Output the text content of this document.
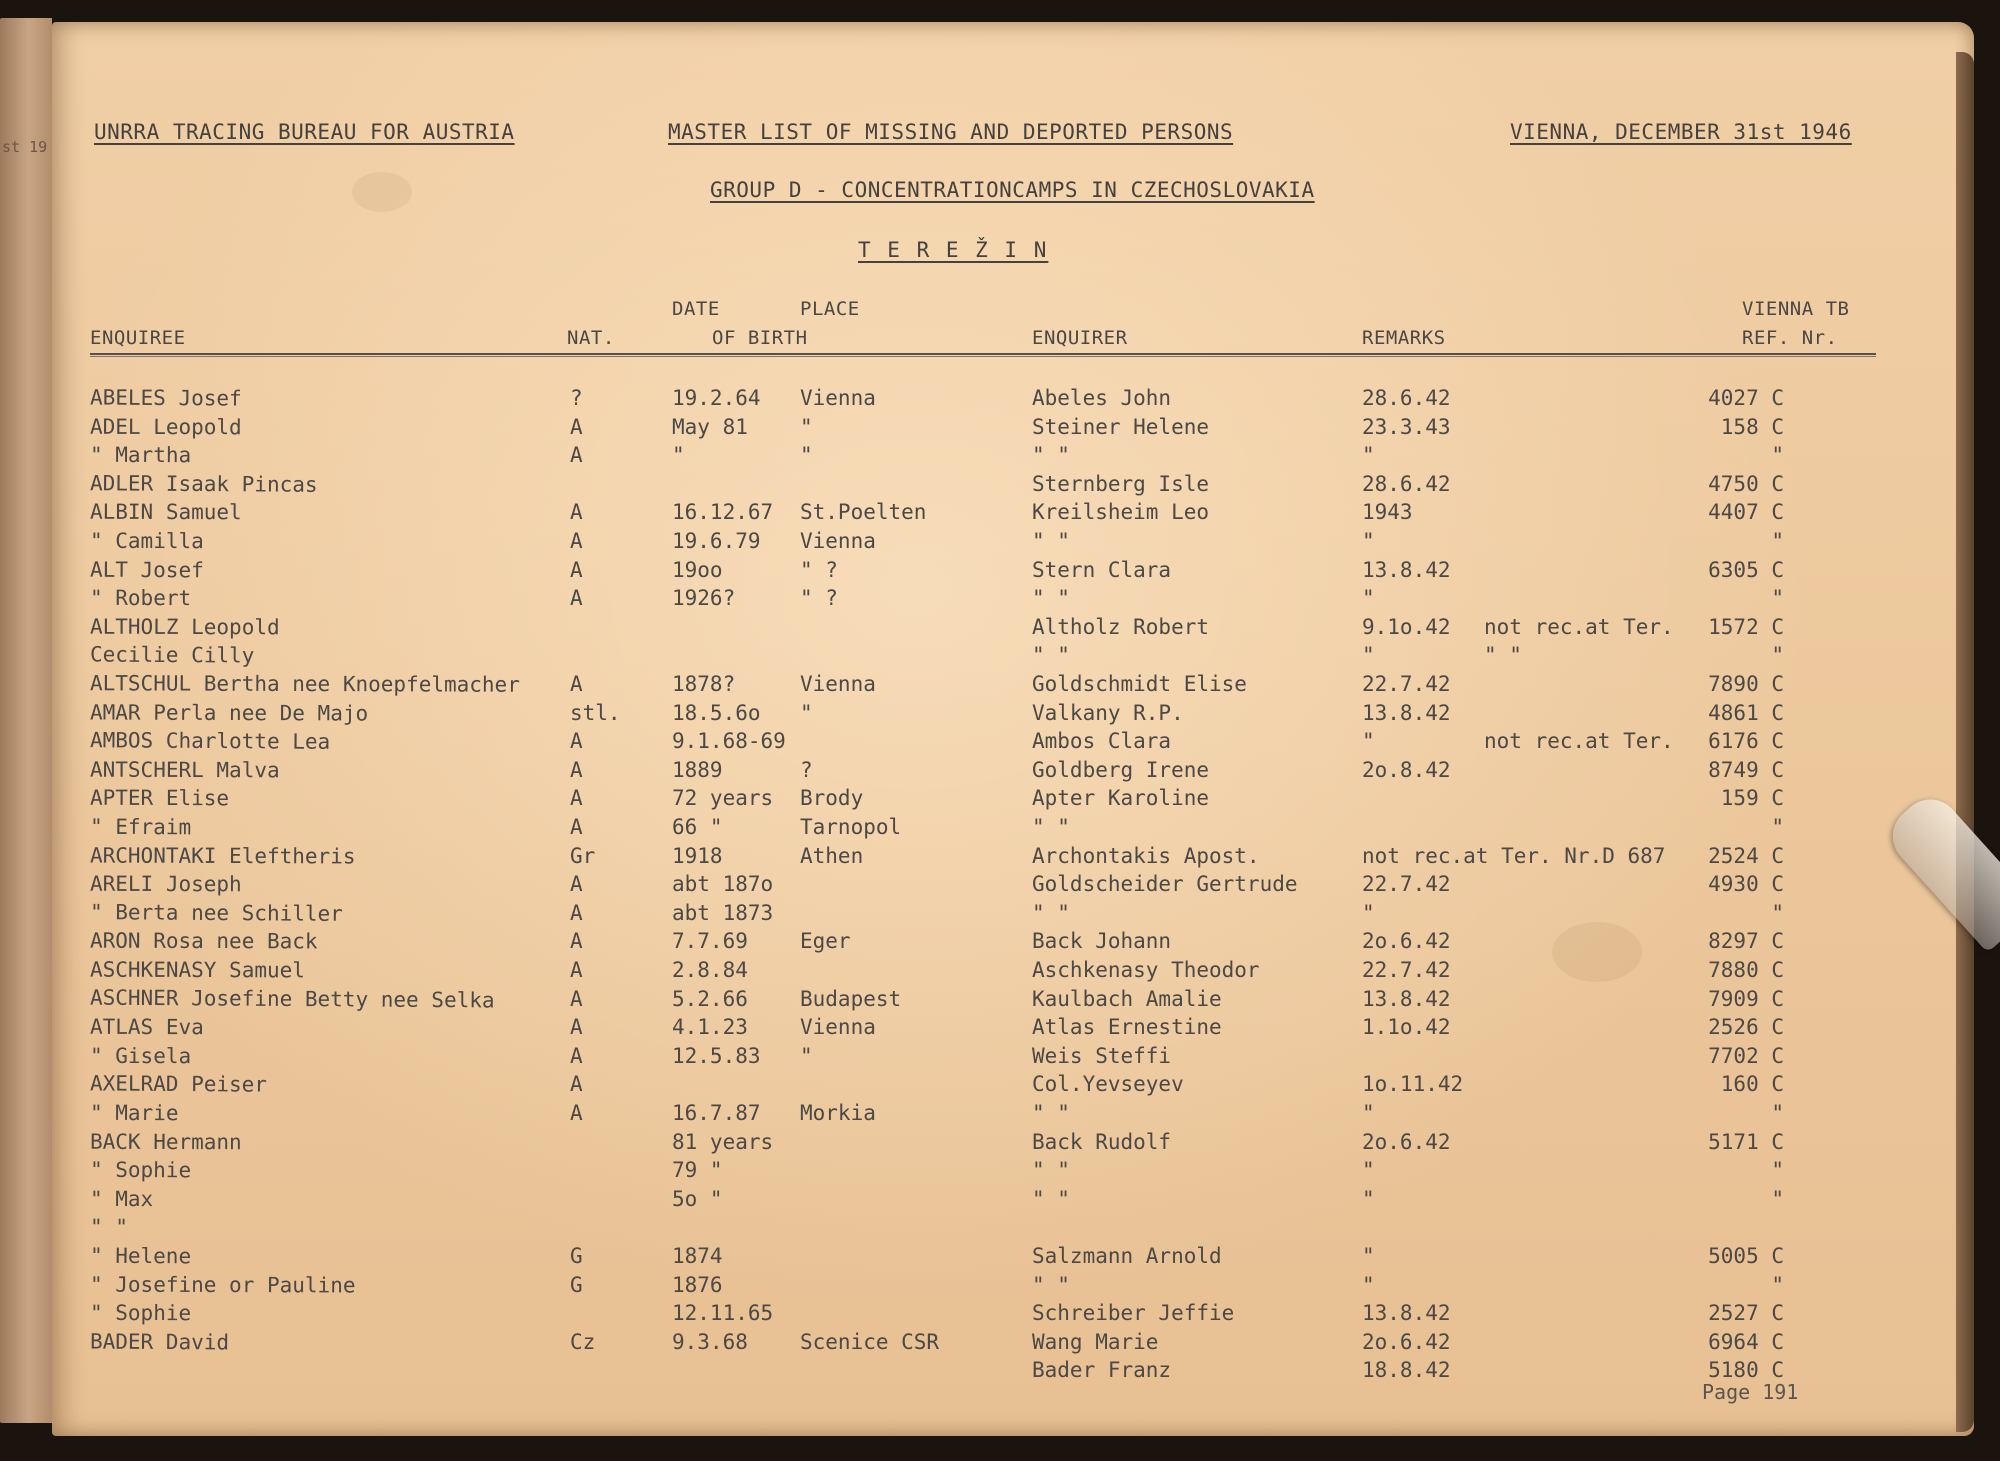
st 19
UNRRA TRACING BUREAU FOR AUSTRIA	MASTER LIST OF MISSING AND DEPORTED PERSONS	VIENNA, DECEMBER 31st 1946
GROUP D - CONCENTRATIONCAMPS IN CZECHOSLOVAKIA
T E R E Ž I N
DATE	PLACE	VIENNA TB
ENQUIREE	NAT.	OF BIRTH	ENQUIRER	REMARKS	REF. Nr.
ABELES Josef	?	19.2.64 Vienna	Abeles John	28.6.42	4027 C
ADEL Leopold	A	May 81 "	Steiner Helene	23.3.43	158 C
" Martha	A	"	"	" "	"	"
ADLER Isaak Pincas	Sternberg Isle	28.6.42	4750 C
ALBIN Samuel	A	16.12.67 St.Poelten	Kreilsheim Leo	1943	4407 C
" Camilla	A	19.6.79 Vienna	" "	"	"
ALT Josef	A	19oo	" ?	Stern Clara	13.8.42	6305 C
" Robert	A	1926?	" ?	" "	"	"
ALTHOLZ Leopold	Altholz Robert	9.1o.42 not rec.at Ter.	1572 C
Cecilie Cilly	" "	"	" "	"
ALTSCHUL Bertha nee Knoepfelmacher A	1878?	Vienna	Goldschmidt Elise	22.7.42	7890 C
AMAR Perla nee De Majo	stl. 18.5.6o "	Valkany R.P.	13.8.42	4861 C
AMBOS Charlotte Lea	A	9.1.68-69	Ambos Clara	"	not rec.at Ter.	6176 C
ANTSCHERL Malva	A	1889	?	Goldberg Irene	2o.8.42	8749 C
APTER Elise	A	72 years Brody	Apter Karoline	159 C
" Efraim	A	66 "	Tarnopol	" "	"
ARCHONTAKI Eleftheris	Gr	1918	Athen	Archontakis Apost.	not rec.at Ter. Nr.D 687	2524 C
ARELI Joseph	A	abt 187o	Goldscheider Gertrude	22.7.42	4930 C
" Berta nee Schiller	A	abt 1873	" "	"	"
ARON Rosa nee Back	A	7.7.69 Eger	Back Johann	2o.6.42	8297 C
ASCHKENASY Samuel	A	2.8.84	Aschkenasy Theodor	22.7.42	7880 C
ASCHNER Josefine Betty nee Selka	A	5.2.66 Budapest	Kaulbach Amalie	13.8.42	7909 C
ATLAS Eva	A	4.1.23 Vienna	Atlas Ernestine	1.1o.42	2526 C
" Gisela	A	12.5.83 "	Weis Steffi	7702 C
AXELRAD Peiser	A	Col.Yevseyev	1o.11.42	160 C
" Marie	A	16.7.87 Morkia	" "	"	"
BACK Hermann	81 years	Back Rudolf	2o.6.42	5171 C
" Sophie	79 "	" "	"	"
" Max	5o "	" "	"	"
" "
" Helene	G	1874	Salzmann Arnold	"	5005 C
" Josefine or Pauline	G	1876	" "	"	"
" Sophie	12.11.65	Schreiber Jeffie	13.8.42	2527 C
BADER David	Cz	9.3.68 Scenice CSR	Wang Marie	2o.6.42	6964 C
Bader Franz	18.8.42	5180 C
Page 191
